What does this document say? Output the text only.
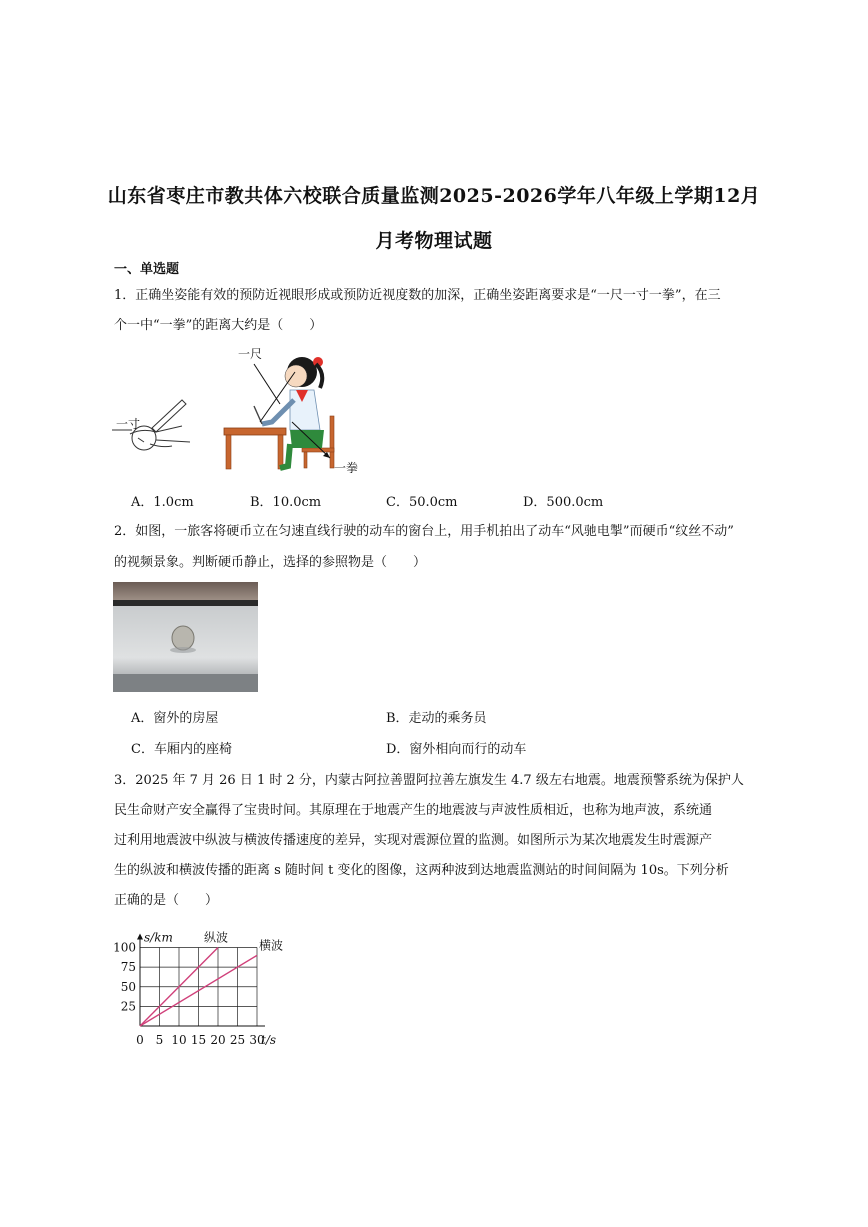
山东省枣庄市教共体六校联合质量监测2025-2026学年八年级上学期12月
月考物理试题
一、单选题
1．正确坐姿能有效的预防近视眼形成或预防近视度数的加深，正确坐姿距离要求是“一尺一寸一拳”，在三
个一中“一拳”的距离大约是（　　）
一寸
一尺
一拳
A．1.0cm	B．10.0cm	C．50.0cm	D．500.0cm
2．如图，一旅客将硬币立在匀速直线行驶的动车的窗台上，用手机拍出了动车“风驰电掣”而硬币“纹丝不动”
的视频景象。判断硬币静止，选择的参照物是（　　）
A．窗外的房屋	B．走动的乘务员
C．车厢内的座椅	D．窗外相向而行的动车
3．2025 年 7 月 26 日 1 时 2 分，内蒙古阿拉善盟阿拉善左旗发生 4.7 级左右地震。地震预警系统为保护人
民生命财产安全赢得了宝贵时间。其原理在于地震产生的地震波与声波性质相近，也称为地声波，系统通
过利用地震波中纵波与横波传播速度的差异，实现对震源位置的监测。如图所示为某次地震发生时震源产
生的纵波和横波传播的距离 s 随时间 t 变化的图像，这两种波到达地震监测站的时间间隔为 10s。下列分析
正确的是（　　）
0 5 10 15 20 25 30
25
50
75
100
t/s
s/km	纵波
横波
